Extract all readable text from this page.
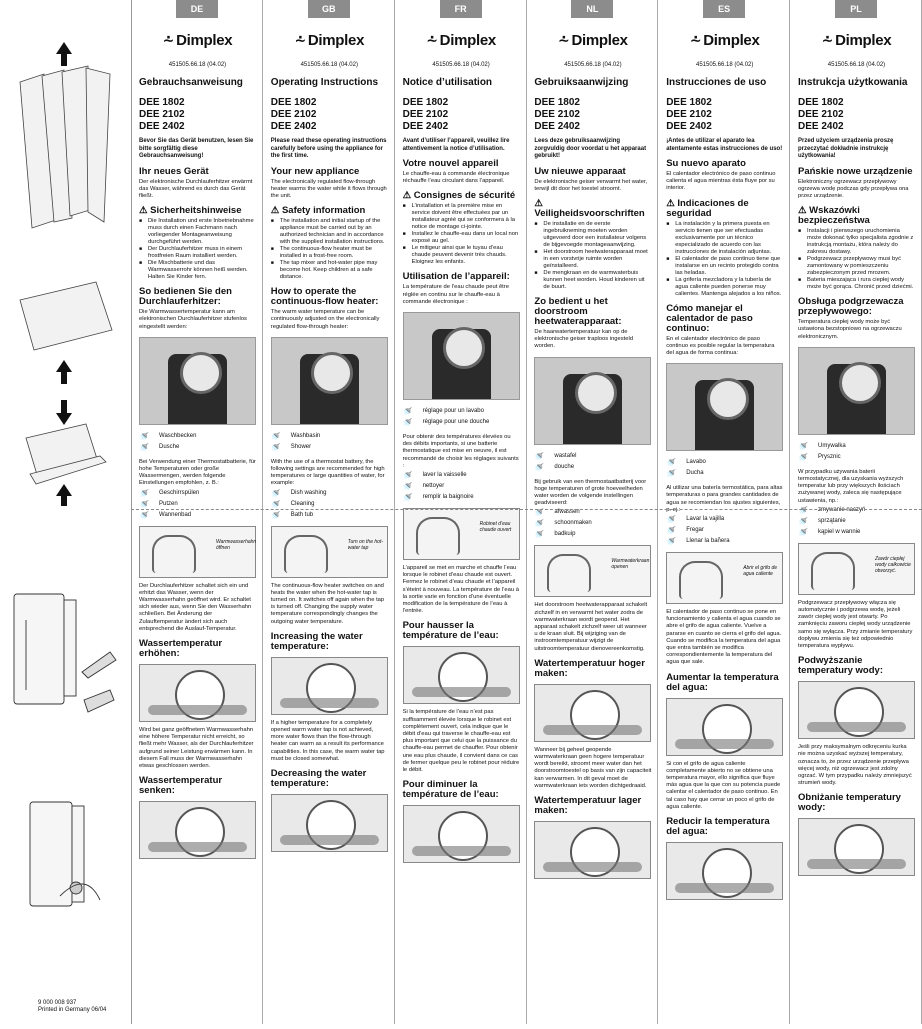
9 000 008 937
Printed in Germany 06/04
DE
⩪ Dimplex
451505.66.18 (04.02)
Gebrauchsanweisung
DEE 1802
DEE 2102
DEE 2402
Bevor Sie das Gerät benutzen, lesen Sie bitte sorgfältig diese Gebrauchsanweisung!
Ihr neues Gerät
Der elektronische Durchlauferhitzer erwärmt das Wasser, während es durch das Gerät fließt.
⚠ Sicherheitshinweise
■ Die Installation und erste Inbetriebnahme muss durch einen Fachmann nach vorliegender Montageanweisung durchgeführt werden.
■ Der Durchlauferhitzer muss in einem frostfreien Raum installiert werden.
■ Die Mischbatterie und das Warmwasserrohr können heiß werden. Halten Sie Kinder fern.
So bedienen Sie den Durchlauferhitzer:
Die Warmwassertemperatur kann am elektronischen Durchlauferhitzer stufenlos eingestellt werden:
🚿	Waschbecken
🚿	Dusche
Bei Verwendung einer Thermostatbatterie, für hohe Temperaturen oder große Wassermengen, werden folgende Einstellungen empfohlen, z. B.:
🚿	Geschirrspülen
🚿	Putzen
🚿	Wannenbad
Warmwasserhahn öffnen
Der Durchlauferhitzer schaltet sich ein und erhitzt das Wasser, wenn der Warmwasserhahn geöffnet wird. Er schaltet sich wieder aus, wenn Sie den Wasserhahn schließen. Bei Änderung der Zulauftemperatur ändert sich auch entsprechend die Auslauf-Temperatur.
Wassertemperatur erhöhen:
Wird bei ganz geöffnetem Warmwasserhahn eine höhere Temperatur nicht erreicht, so fließt mehr Wasser, als der Durchlauferhitzer aufgrund seiner Leistung erwärmen kann. In diesem Fall muss der Warmwasserhahn etwas geschlossen werden.
Wassertemperatur senken:
GB
⩪ Dimplex
451505.66.18 (04.02)
Operating Instructions
DEE 1802
DEE 2102
DEE 2402
Please read these operating instructions carefully before using the appliance for the first time.
Your new appliance
The electronically regulated flow-through heater warms the water while it flows through the unit.
⚠ Safety information
■ The installation and initial startup of the appliance must be carried out by an authorized technician and in accordance with the supplied installation instructions.
■ The continuous-flow heater must be installed in a frost-free room.
■ The tap mixer and hot-water pipe may become hot. Keep children at a safe distance.
How to operate the continuous-flow heater:
The warm water temperature can be continuously adjusted on the electronically regulated flow-through heater:
🚿	Washbasin
🚿	Shower
With the use of a thermostat battery, the following settings are recommended for high temperatures or large quantities of water, for example:
🚿	Dish washing
🚿	Cleaning
🚿	Bath tub
Turn on the hot-water tap
The continuous-flow heater switches on and heats the water when the hot-water tap is turned on. It switches off again when the tap is turned off. Changing the supply water temperature correspondingly changes the outgoing water temperature.
Increasing the water temperature:
If a higher temperature for a completely opened warm water tap is not achieved, more water flows than the flow-through heater can warm as a result its performance capabilities. In this case, the warm water tap must be closed somewhat.
Decreasing the water temperature:
FR
⩪ Dimplex
451505.66.18 (04.02)
Notice d’utilisation
DEE 1802
DEE 2102
DEE 2402
Avant d’utiliser l’appareil, veuillez lire attentivement la notice d’utilisation.
Votre nouvel appareil
Le chauffe-eau à commande électronique réchauffe l’eau circulant dans l’appareil.
⚠ Consignes de sécurité
■ L’installation et la première mise en service doivent être effectuées par un installateur agréé qui se conformera à la notice de montage ci-jointe.
■ Installez le chauffe-eau dans un local non exposé au gel.
■ Le mitigeur ainsi que le tuyau d’eau chaude peuvent devenir très chauds. Eloignez les enfants.
Utilisation de l’appareil:
La température de l’eau chaude peut être réglée en continu sur le chauffe-eau à commande électronique :
🚿	réglage pour un lavabo
🚿	réglage pour une douche
Pour obtenir des températures élevées ou des débits importants, si une batterie thermostatique est mise en oeuvre, il est recommandé de choisir les réglages suivants :
🚿	laver la vaisselle
🚿	nettoyer
🚿	remplir la baignoire
Robinet d’eau chaude ouvert
L’appareil se met en marche et chauffe l’eau lorsque le robinet d’eau chaude est ouvert. Fermez le robinet d’eau chaude et l’appareil s’éteint à nouveau. La température de l’eau à la sortie varie en fonction d’une éventuelle modification de la température de l’eau à l’entrée.
Pour hausser la température de l’eau:
Si la température de l’eau n’est pas suffisamment élevée lorsque le robinet est complètement ouvert, cela indique que le débit d’eau qui traverse le chauffe-eau est plus important que celui que la puissance du chauffe-eau permet de chauffer. Pour obtenir une eau plus chaude, il convient dans ce cas de fermer quelque peu le robinet pour réduire le débit.
Pour diminuer la température de l’eau:
NL
⩪ Dimplex
451505.66.18 (04.02)
Gebruiksaanwijzing
DEE 1802
DEE 2102
DEE 2402
Lees deze gebruiksaanwijzing zorgvuldig door voordat u het apparaat gebruikt!
Uw nieuwe apparaat
De elektronische geiser verwarmt het water, terwijl dit door het toestel stroomt.
⚠ Veiligheidsvoorschriften
■ De installatie en de eerste ingebruikneming moeten worden uitgevoerd door een installateur volgens de bijgevoegde montageaanwijzing.
■ Het doorstroom heetwaterapparaat moet in een vorstvrije ruimte worden geïnstalleerd.
■ De mengkraan en de warmwaterbuis kunnen heet worden. Houd kinderen uit de buurt.
Zo bedient u het doorstroom heetwaterapparaat:
De haarwatertemperatuur kan op de elektronische geiser traploos ingesteld worden.
🚿	wastafel
🚿	douche
Bij gebruik van een thermostaatbatterij voor hoge temperaturen of grote hoeveelheden water worden de volgende instellingen geadviseerd:
🚿	afwassen
🚿	schoonmaken
🚿	badkuip
Warmwaterkraan openen
Het doorstroom heetwaterapparaat schakelt zichzelf in en verwarmt het water zodra de warmwaterkraan wordt geopend. Het apparaat schakelt zichzelf weer uit wanneer u de kraan sluit. Bij wijziging van de instroomtemperatuur wijzigt de uitstroomtemperatuur dienovereenkomstig.
Watertemperatuur hoger maken:
Wanneer bij geheel geopende warmwaterkraan geen hogere temperatuur wordt bereikt, stroomt meer water dan het doorstroomtoestel op basis van zijn capaciteit kan verwarmen. In dit geval moet de warmwaterkraan iets worden dichtgedraaid.
Watertemperatuur lager maken:
ES
⩪ Dimplex
451505.66.18 (04.02)
Instrucciones de uso
DEE 1802
DEE 2102
DEE 2402
¡Antes de utilizar el aparato lea atentamente estas instrucciones de uso!
Su nuevo aparato
El calentador electrónico de paso continuo calienta el agua mientras ésta fluye por su interior.
⚠ Indicaciones de seguridad
■ La instalación y la primera puesta en servicio tienen que ser efectuadas exclusivamente por un técnico especializado de acuerdo con las instrucciones de instalación adjuntas.
■ El calentador de paso continuo tiene que instalarse en un recinto protegido contra las heladas.
■ La grifería mezcladora y la tubería de agua caliente pueden ponerse muy calientes. Mantenga alejados a los niños.
Cómo manejar el calentador de paso continuo:
En el calentador electrónico de paso continuo es posible regular la temperatura del agua de forma continua:
🚿	Lavabo
🚿	Ducha
Al utilizar una batería termostática, para altas temperaturas o para grandes cantidades de agua se recomiendan los ajustes siguientes, p. ej.:
🚿	Lavar la vajilla
🚿	Fregar
🚿	Llenar la bañera
Abrir el grifo de agua caliente
El calentador de paso continuo se pone en funcionamiento y calienta el agua cuando se abre el grifo de agua caliente. Vuelve a pararse en cuanto se cierra el grifo del agua. Cuando se modifica la temperatura del agua que entra también se modifica correspondientemente la temperatura del agua que sale.
Aumentar la temperatura del agua:
Si con el grifo de agua caliente completamente abierto no se obtiene una temperatura mayor, ello significa que fluye más agua que la que con su potencia puede calentar el calentador de paso continuo. En tal caso hay que cerrar un poco el grifo de agua caliente.
Reducir la temperatura del agua:
PL
⩪ Dimplex
451505.66.18 (04.02)
Instrukcja użytkowania
DEE 1802
DEE 2102
DEE 2402
Przed użyciem urządzenia proszę przeczytać dokładnie instrukcję użytkowania!
Pańskie nowe urządzenie
Elektroniczny ogrzewacz przepływowy ogrzewa wodę podczas gdy przepływa ona przez urządzenie.
⚠ Wskazówki bezpieczeństwa
■ Instalacji i pierwszego uruchomienia może dokonać tylko specjalista zgodnie z instrukcją montażu, która należy do zakresu dostawy.
■ Podgrzewacz przepływowy musi być zamontowany w pomieszczeniu zabezpieczonym przed mrozem.
■ Bateria mieszająca i rura ciepłej wody może być gorąca. Chronić przed dziećmi.
Obsługa podgrzewacza przepływowego:
Temperatura ciepłej wody może być ustawiona bezstopniowo na ogrzewaczu elektronicznym.
🚿	Umywalka
🚿	Prysznic
W przypadku używania baterii termostatycznej, dla uzyskania wyższych temperatur lub przy większych ilościach zużywanej wody, zaleca się następujące ustawienia, np.:
🚿	zmywanie naczyń
🚿	sprzątanie
🚿	kąpiel w wannie
Zawór ciepłej wody całkowicie otworzyć.
Podgrzewacz przepływowy włącza się automatycznie i podgrzewa wodę, jeżeli zawór ciepłej wody jest otwarty. Po zamknięciu zaworu ciepłej wody urządzenie samo się wyłącza. Przy zmianie temperatury dopływu zmienia się też odpowiednio temperatura wypływu.
Podwyższanie temperatury wody:
Jeśli przy maksymalnym odkręceniu kurka nie można uzyskać wyższej temperatury, oznacza to, że przez urządzenie przepływa więcej wody, niż ogrzewacz jest zdolny ogrzać. W tym przypadku należy zmniejszyć strumień wody.
Obniżanie temperatury wody:
